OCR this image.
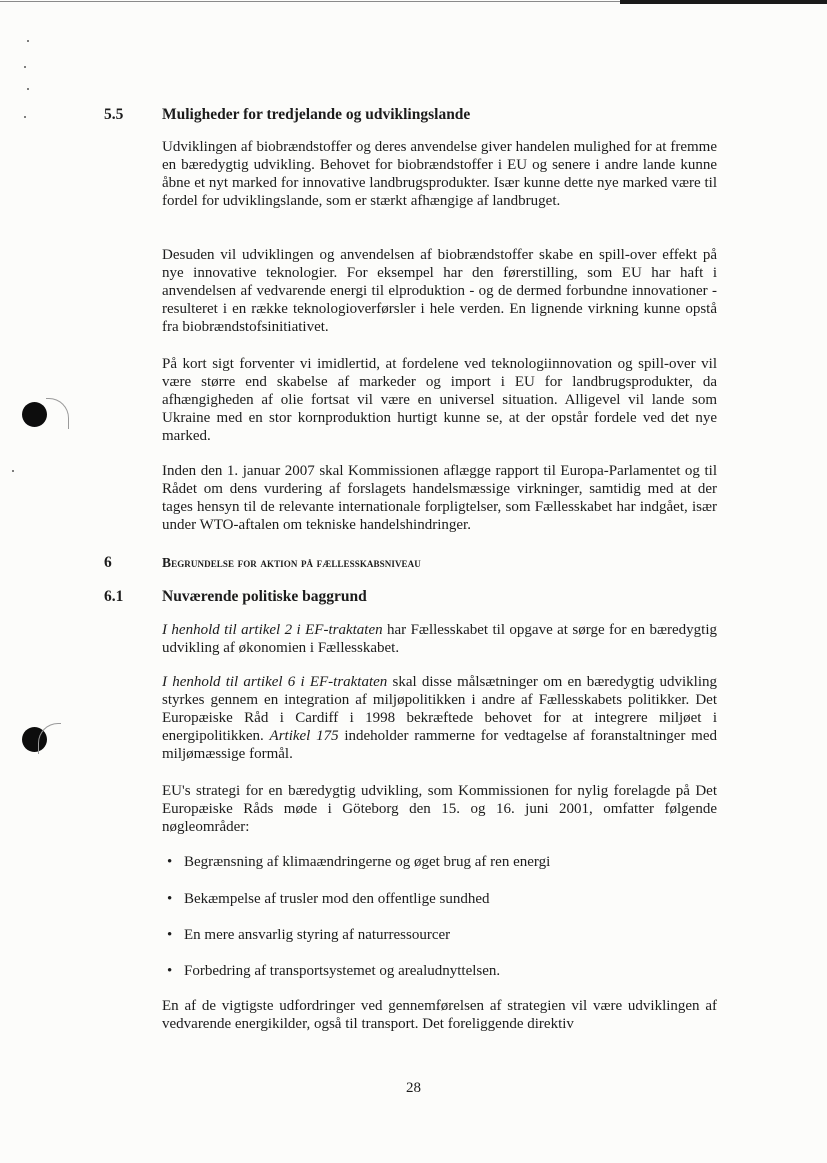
5.5 Muligheder for tredjelande og udviklingslande
Udviklingen af biobrændstoffer og deres anvendelse giver handelen mulighed for at fremme en bæredygtig udvikling. Behovet for biobrændstoffer i EU og senere i andre lande kunne åbne et nyt marked for innovative landbrugsprodukter. Især kunne dette nye marked være til fordel for udviklingslande, som er stærkt afhængige af landbruget.
Desuden vil udviklingen og anvendelsen af biobrændstoffer skabe en spill-over effekt på nye innovative teknologier. For eksempel har den førerstilling, som EU har haft i anvendelsen af vedvarende energi til elproduktion - og de dermed forbundne innovationer - resulteret i en række teknologioverførsler i hele verden. En lignende virkning kunne opstå fra biobrændstofsinitiativet.
På kort sigt forventer vi imidlertid, at fordelene ved teknologiinnovation og spill-over vil være større end skabelse af markeder og import i EU for landbrugsprodukter, da afhængigheden af olie fortsat vil være en universel situation. Alligevel vil lande som Ukraine med en stor kornproduktion hurtigt kunne se, at der opstår fordele ved det nye marked.
Inden den 1. januar 2007 skal Kommissionen aflægge rapport til Europa-Parlamentet og til Rådet om dens vurdering af forslagets handelsmæssige virkninger, samtidig med at der tages hensyn til de relevante internationale forpligtelser, som Fællesskabet har indgået, især under WTO-aftalen om tekniske handelshindringer.
6	Begrundelse for aktion på fællesskabsniveau
6.1 Nuværende politiske baggrund
I henhold til artikel 2 i EF-traktaten har Fællesskabet til opgave at sørge for en bæredygtig udvikling af økonomien i Fællesskabet.
I henhold til artikel 6 i EF-traktaten skal disse målsætninger om en bæredygtig udvikling styrkes gennem en integration af miljøpolitikken i andre af Fællesskabets politikker. Det Europæiske Råd i Cardiff i 1998 bekræftede behovet for at integrere miljøet i energipolitikken. Artikel 175 indeholder rammerne for vedtagelse af foranstaltninger med miljømæssige formål.
EU's strategi for en bæredygtig udvikling, som Kommissionen for nylig forelagde på Det Europæiske Råds møde i Göteborg den 15. og 16. juni 2001, omfatter følgende nøgleområder:
• Begrænsning af klimaændringerne og øget brug af ren energi
• Bekæmpelse af trusler mod den offentlige sundhed
• En mere ansvarlig styring af naturressourcer
• Forbedring af transportsystemet og arealudnyttelsen.
En af de vigtigste udfordringer ved gennemførelsen af strategien vil være udviklingen af vedvarende energikilder, også til transport. Det foreliggende direktiv
28
